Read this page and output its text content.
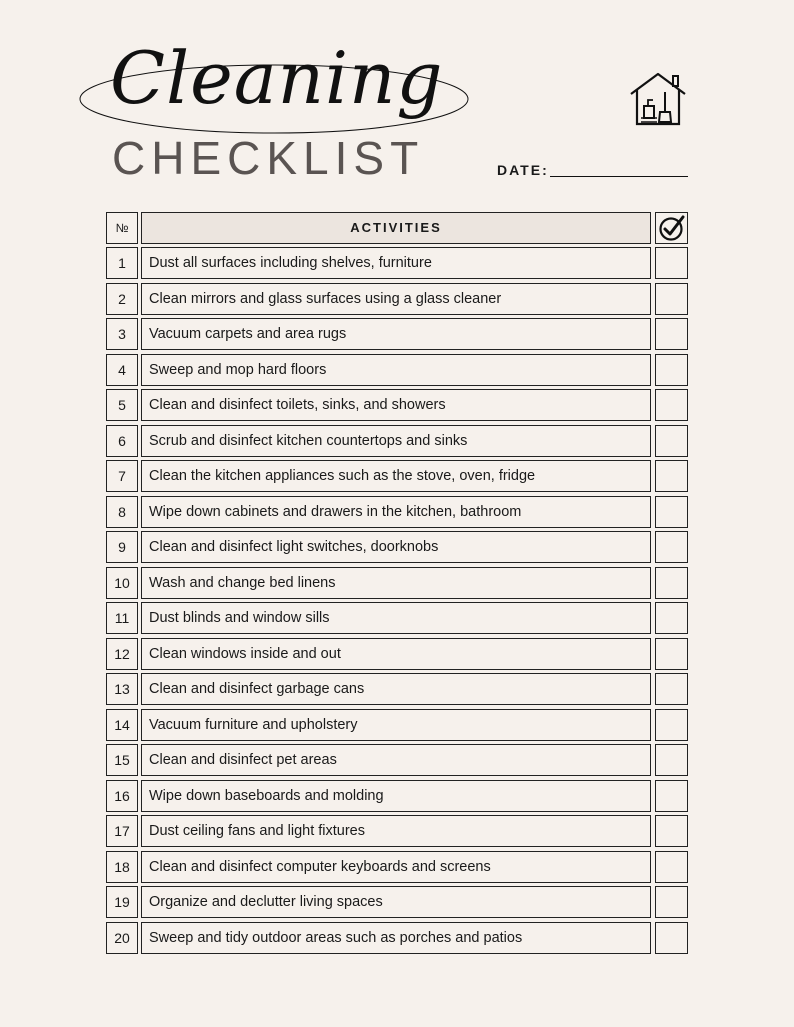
Cleaning
CHECKLIST	DATE:
№	ACTIVITIES
1	Dust all surfaces including shelves, furniture
2	Clean mirrors and glass surfaces using a glass cleaner
3	Vacuum carpets and area rugs
4	Sweep and mop hard floors
5	Clean and disinfect toilets, sinks, and showers
6	Scrub and disinfect kitchen countertops and sinks
7	Clean the kitchen appliances such as the stove, oven, fridge
8	Wipe down cabinets and drawers in the kitchen, bathroom
9	Clean and disinfect light switches, doorknobs
10	Wash and change bed linens
11	Dust blinds and window sills
12	Clean windows inside and out
13	Clean and disinfect garbage cans
14	Vacuum furniture and upholstery
15	Clean and disinfect pet areas
16	Wipe down baseboards and molding
17	Dust ceiling fans and light fixtures
18	Clean and disinfect computer keyboards and screens
19	Organize and declutter living spaces
20	Sweep and tidy outdoor areas such as porches and patios
